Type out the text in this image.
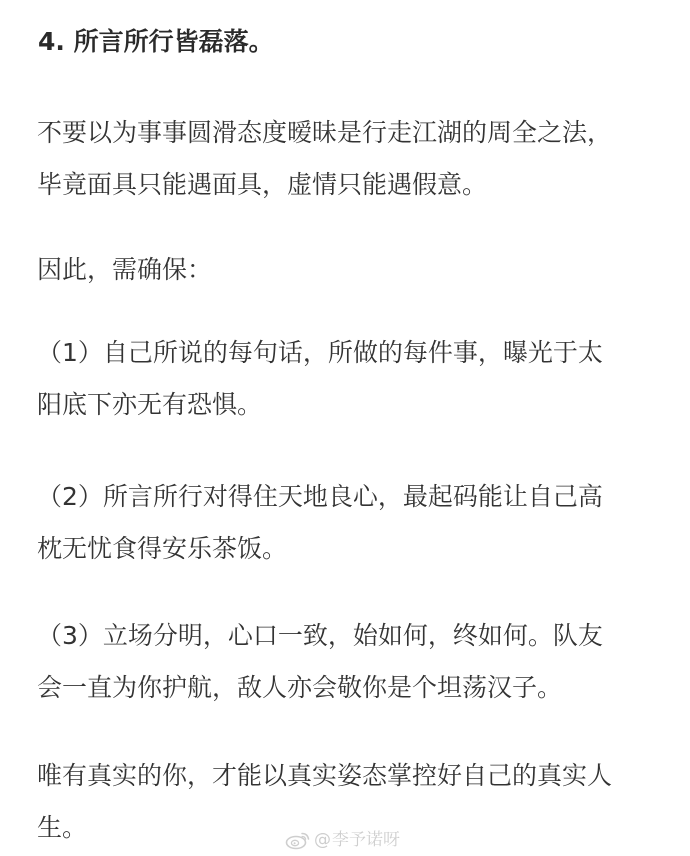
4. 所言所行皆磊落。
不要以为事事圆滑态度暧昧是行走江湖的周全之法，
毕竟面具只能遇面具，虚情只能遇假意。
因此，需确保：
（1）自己所说的每句话，所做的每件事，曝光于太
阳底下亦无有恐惧。
（2）所言所行对得住天地良心，最起码能让自己高
枕无忧食得安乐茶饭。
（3）立场分明，心口一致，始如何，终如何。队友
会一直为你护航，敌人亦会敬你是个坦荡汉子。
唯有真实的你，才能以真实姿态掌控好自己的真实人
生。	@ 李予诺呀
